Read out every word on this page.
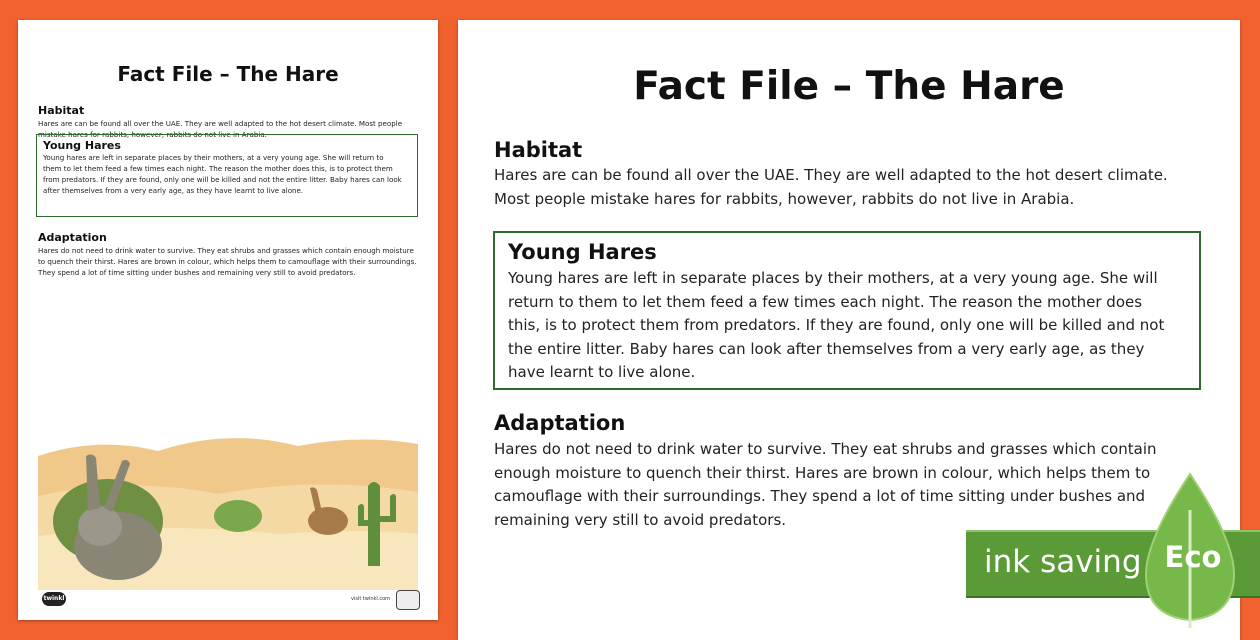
Fact File – The Hare
Habitat
Hares are can be found all over the UAE. They are well adapted to the hot desert climate. Most people mistake hares for rabbits, however, rabbits do not live in Arabia.
Young Hares
Young hares are left in separate places by their mothers, at a very young age. She will return to them to let them feed a few times each night. The reason the mother does this, is to protect them from predators. If they are found, only one will be killed and not the entire litter. Baby hares can look after themselves from a very early age, as they have learnt to live alone.
Adaptation
Hares do not need to drink water to survive. They eat shrubs and grasses which contain enough moisture to quench their thirst. Hares are brown in colour, which helps them to camouflage with their surroundings. They spend a lot of time sitting under bushes and remaining very still to avoid predators.
twinkl	visit twinkl.com
Fact File – The Hare
Habitat
Hares are can be found all over the UAE. They are well adapted to the hot desert climate. Most people mistake hares for rabbits, however, rabbits do not live in Arabia.
Young Hares
Young hares are left in separate places by their mothers, at a very young age. She will return to them to let them feed a few times each night. The reason the mother does this, is to protect them from predators. If they are found, only one will be killed and not the entire litter. Baby hares can look after themselves from a very early age, as they have learnt to live alone.
Adaptation
Hares do not need to drink water to survive. They eat shrubs and grasses which contain enough moisture to quench their thirst. Hares are brown in colour, which helps them to camouflage with their surroundings. They spend a lot of time sitting under bushes and remaining very still to avoid predators.
ink saving Eco
